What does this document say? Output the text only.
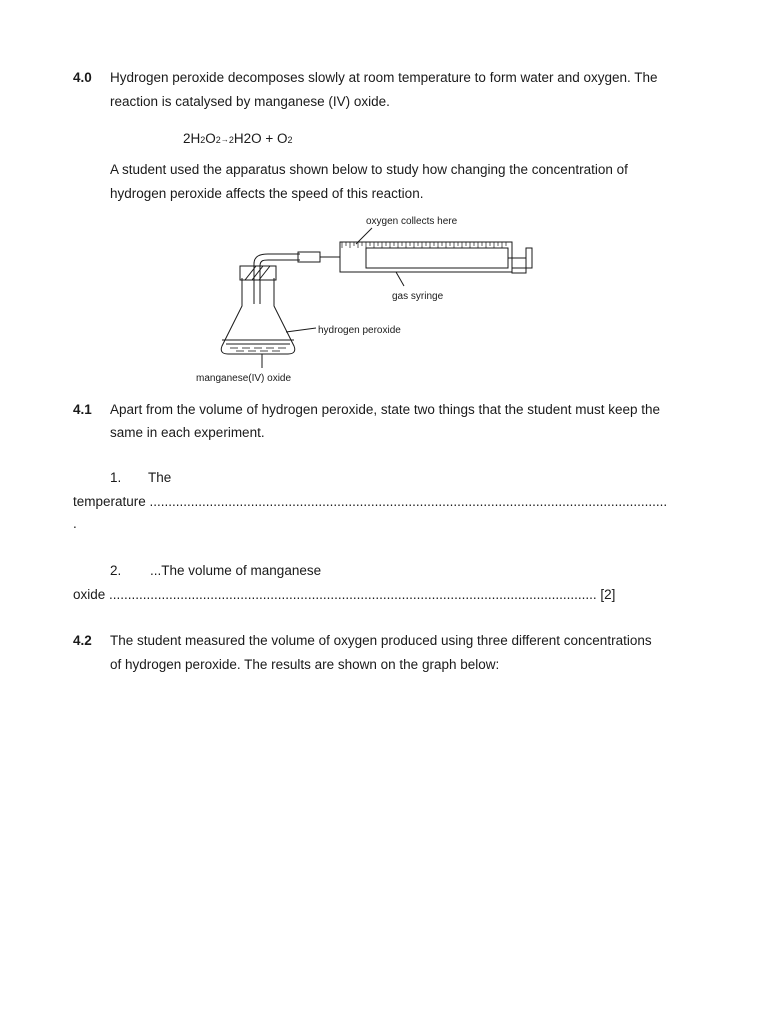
4.0 Hydrogen peroxide decomposes slowly at room temperature to form water and oxygen. The
reaction is catalysed by manganese (IV) oxide.
2H2O2→2H2O + O2
A student used the apparatus shown below to study how changing the concentration of
hydrogen peroxide affects the speed of this reaction.
oxygen collects here
gas syringe
hydrogen peroxide
manganese(IV) oxide
4.1 Apart from the volume of hydrogen peroxide, state two things that the student must keep the
same in each experiment.
1. The
temperature ..........................................................................................................................................
.
2. ...The volume of manganese
oxide .................................................................................................................................. [2]
4.2 The student measured the volume of oxygen produced using three different concentrations
of hydrogen peroxide. The results are shown on the graph below:
